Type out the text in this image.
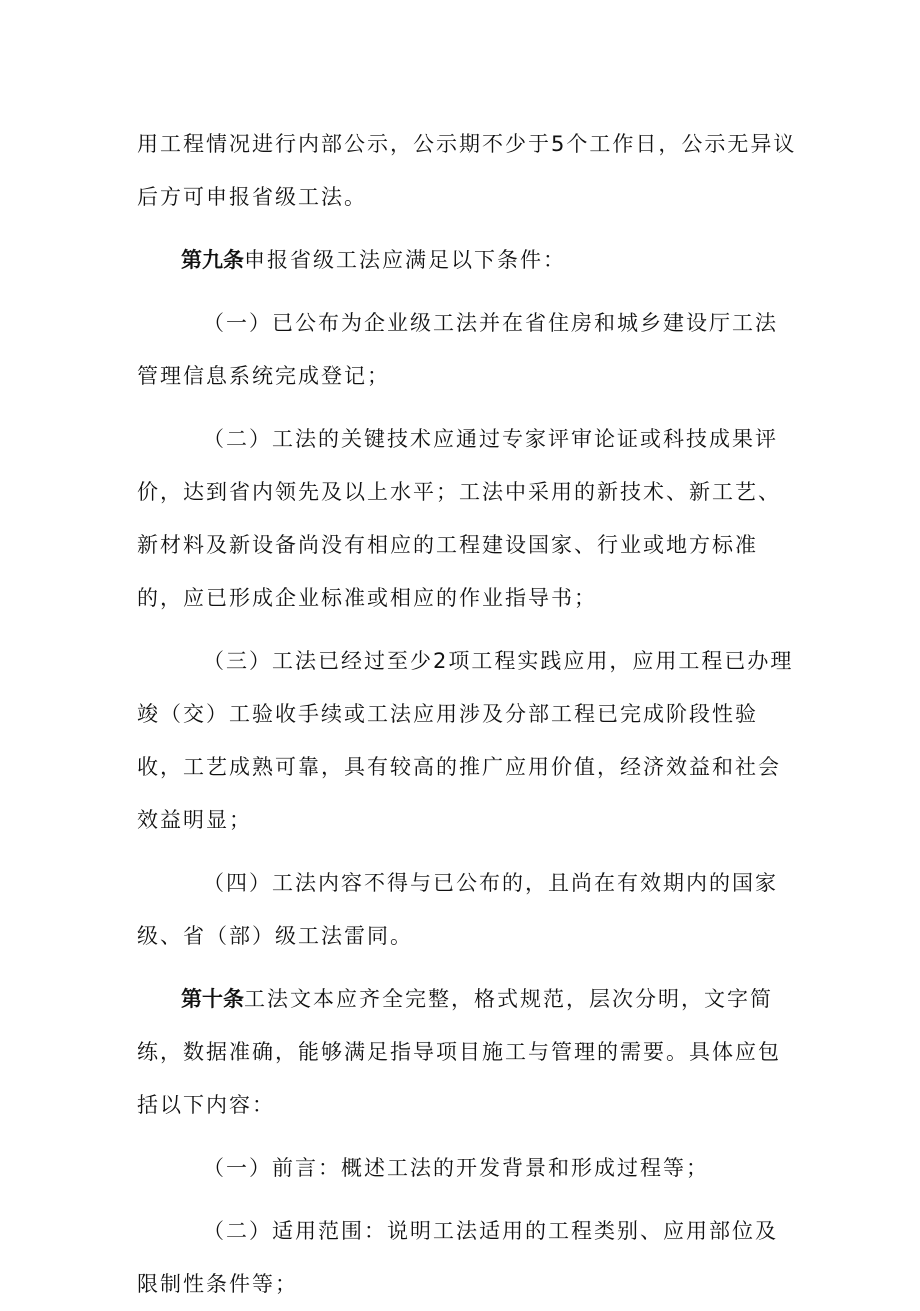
用工程情况进行内部公示，公示期不少于5个工作日，公示无异议后方可申报省级工法。

第九条申报省级工法应满足以下条件：

（一）已公布为企业级工法并在省住房和城乡建设厅工法管理信息系统完成登记；

（二）工法的关键技术应通过专家评审论证或科技成果评价，达到省内领先及以上水平；工法中采用的新技术、新工艺、新材料及新设备尚没有相应的工程建设国家、行业或地方标准的，应已形成企业标准或相应的作业指导书；

（三）工法已经过至少2项工程实践应用，应用工程已办理竣（交）工验收手续或工法应用涉及分部工程已完成阶段性验收，工艺成熟可靠，具有较高的推广应用价值，经济效益和社会效益明显；

（四）工法内容不得与已公布的，且尚在有效期内的国家级、省（部）级工法雷同。

第十条工法文本应齐全完整，格式规范，层次分明，文字简练，数据准确，能够满足指导项目施工与管理的需要。具体应包括以下内容：

（一）前言：概述工法的开发背景和形成过程等；

（二）适用范围：说明工法适用的工程类别、应用部位及限制性条件等；
